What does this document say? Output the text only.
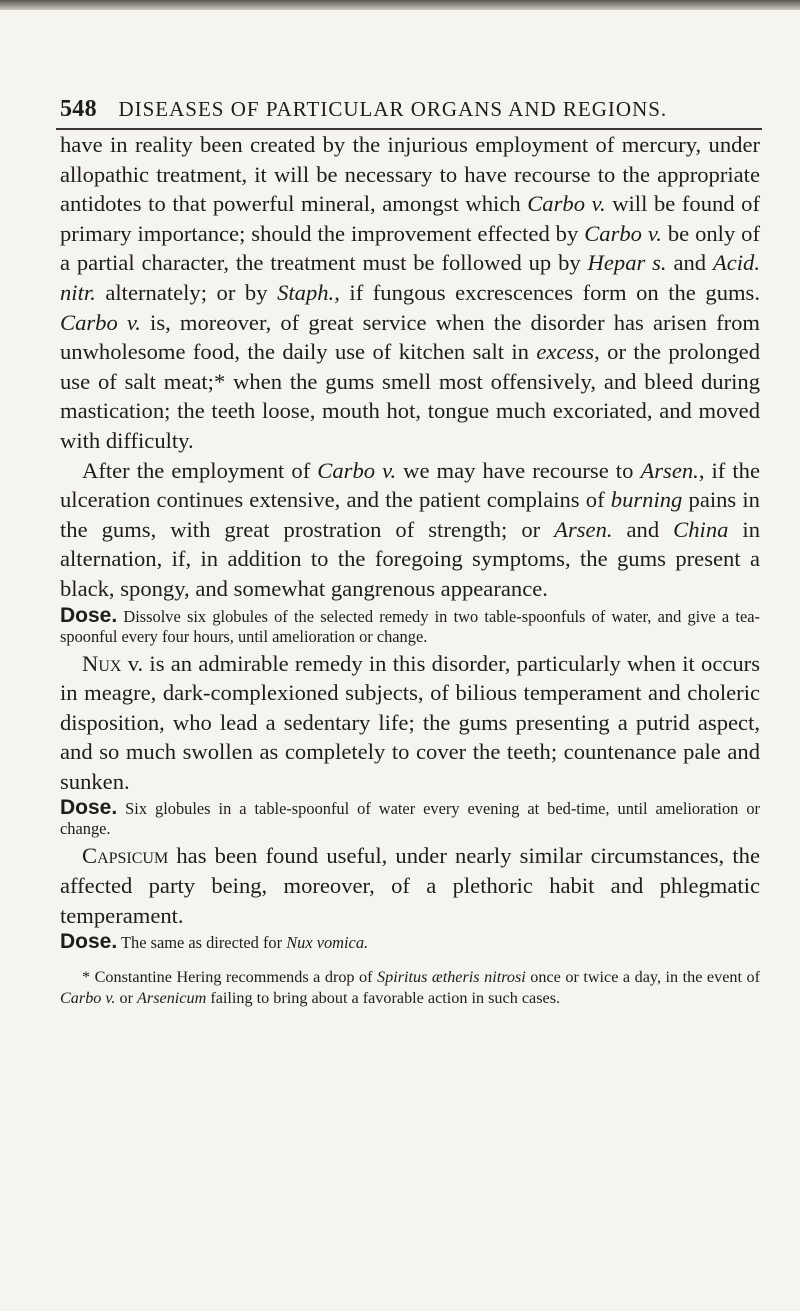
548 DISEASES OF PARTICULAR ORGANS AND REGIONS.

have in reality been created by the injurious employment of mercury, under allopathic treatment, it will be necessary to have recourse to the appropriate antidotes to that powerful mineral, amongst which Carbo v. will be found of primary importance; should the improvement effected by Carbo v. be only of a partial character, the treatment must be followed up by Hepar s. and Acid. nitr. alternately; or by Staph., if fungous excrescences form on the gums. Carbo v. is, moreover, of great service when the disorder has arisen from unwholesome food, the daily use of kitchen salt in excess, or the prolonged use of salt meat;* when the gums smell most offensively, and bleed during mastication; the teeth loose, mouth hot, tongue much excoriated, and moved with difficulty.

After the employment of Carbo v. we may have recourse to Arsen., if the ulceration continues extensive, and the patient complains of burning pains in the gums, with great prostration of strength; or Arsen. and China in alternation, if, in addition to the foregoing symptoms, the gums present a black, spongy, and somewhat gangrenous appearance.

Dose. Dissolve six globules of the selected remedy in two table-spoonfuls of water, and give a tea-spoonful every four hours, until amelioration or change.

Nux v. is an admirable remedy in this disorder, particularly when it occurs in meagre, dark-complexioned subjects, of bilious temperament and choleric disposition, who lead a sedentary life; the gums presenting a putrid aspect, and so much swollen as completely to cover the teeth; countenance pale and sunken.

Dose. Six globules in a table-spoonful of water every evening at bed-time, until amelioration or change.

Capsicum has been found useful, under nearly similar circumstances, the affected party being, moreover, of a plethoric habit and phlegmatic temperament.

Dose. The same as directed for Nux vomica.

* Constantine Hering recommends a drop of Spiritus ætheris nitrosi once or twice a day, in the event of Carbo v. or Arsenicum failing to bring about a favorable action in such cases.
